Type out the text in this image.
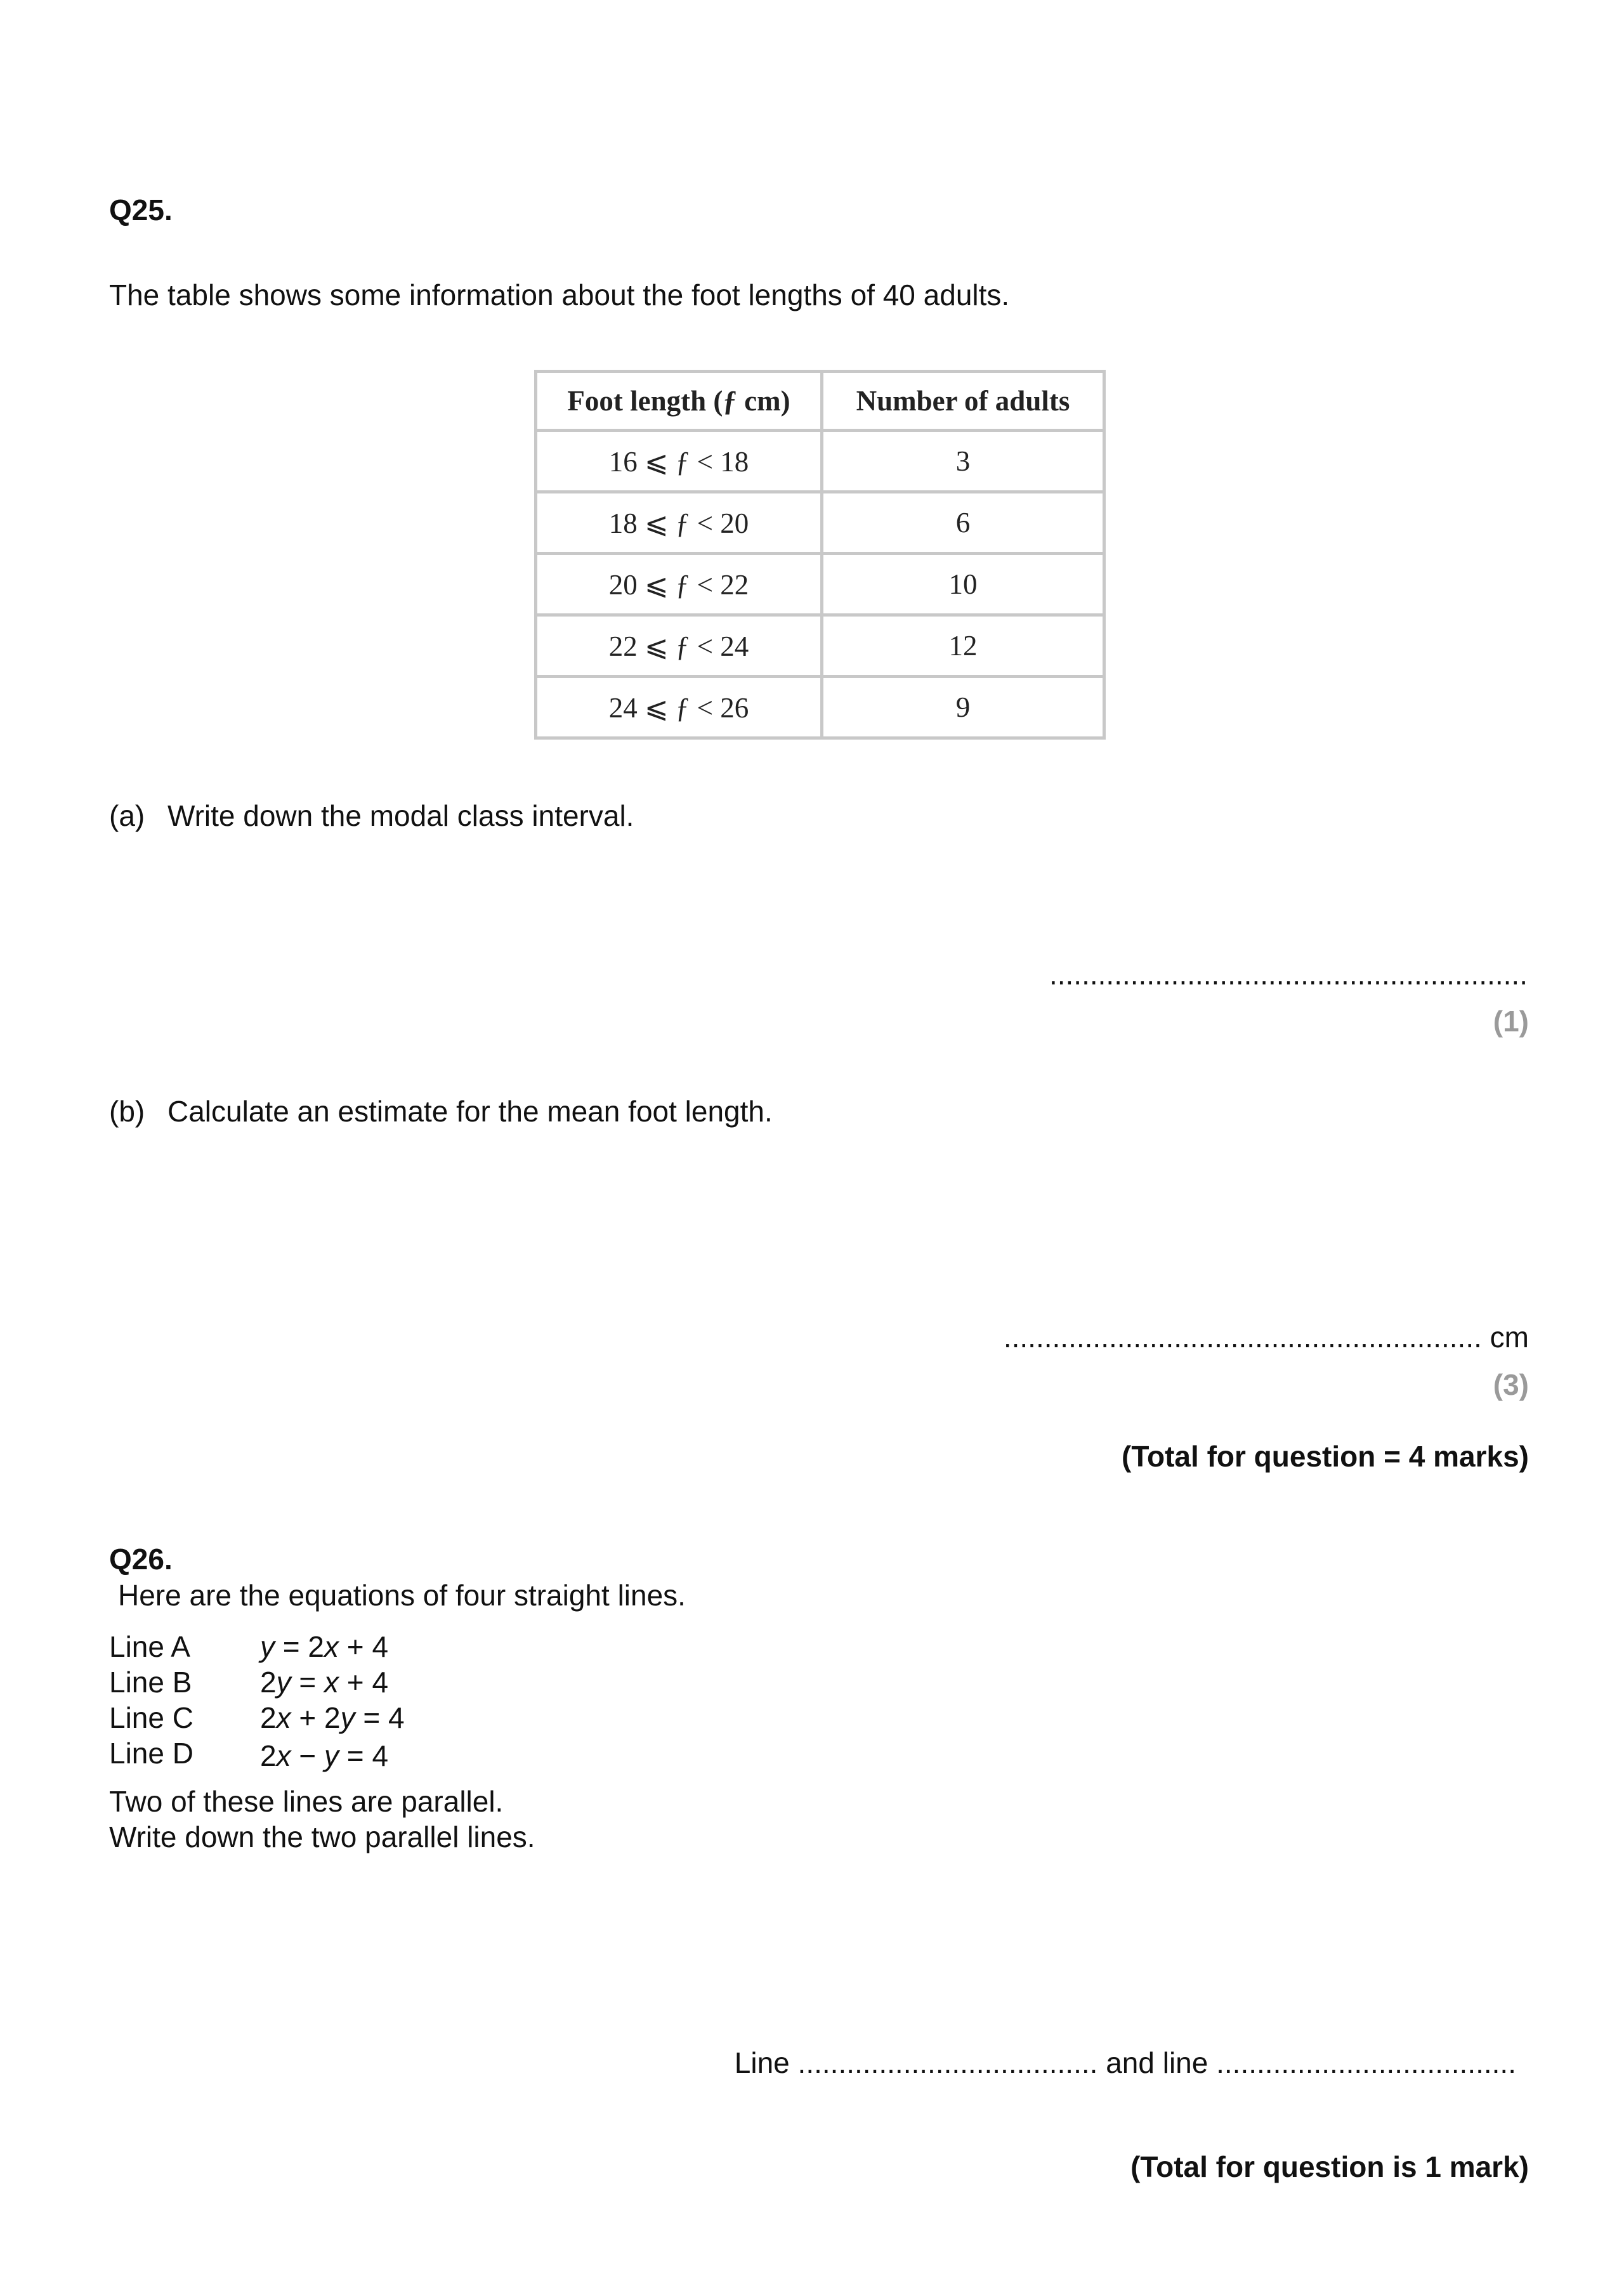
Q25.
The table shows some information about the foot lengths of 40 adults.
Foot length (ƒ cm)	Number of adults
16 ⩽ ƒ < 18	3
18 ⩽ ƒ < 20	6
20 ⩽ ƒ < 22	10
22 ⩽ ƒ < 24	12
24 ⩽ ƒ < 26	9
(a) Write down the modal class interval.
...........................................................
(1)
(b) Calculate an estimate for the mean foot length.
........................................................... cm
(3)
(Total for question = 4 marks)
Q26.
Here are the equations of four straight lines.
Line A y = 2x + 4
Line B 2y = x + 4
Line C 2x + 2y = 4
Line D 2x − y = 4
Two of these lines are parallel.
Write down the two parallel lines.
Line ..................................... and line .....................................
(Total for question is 1 mark)
